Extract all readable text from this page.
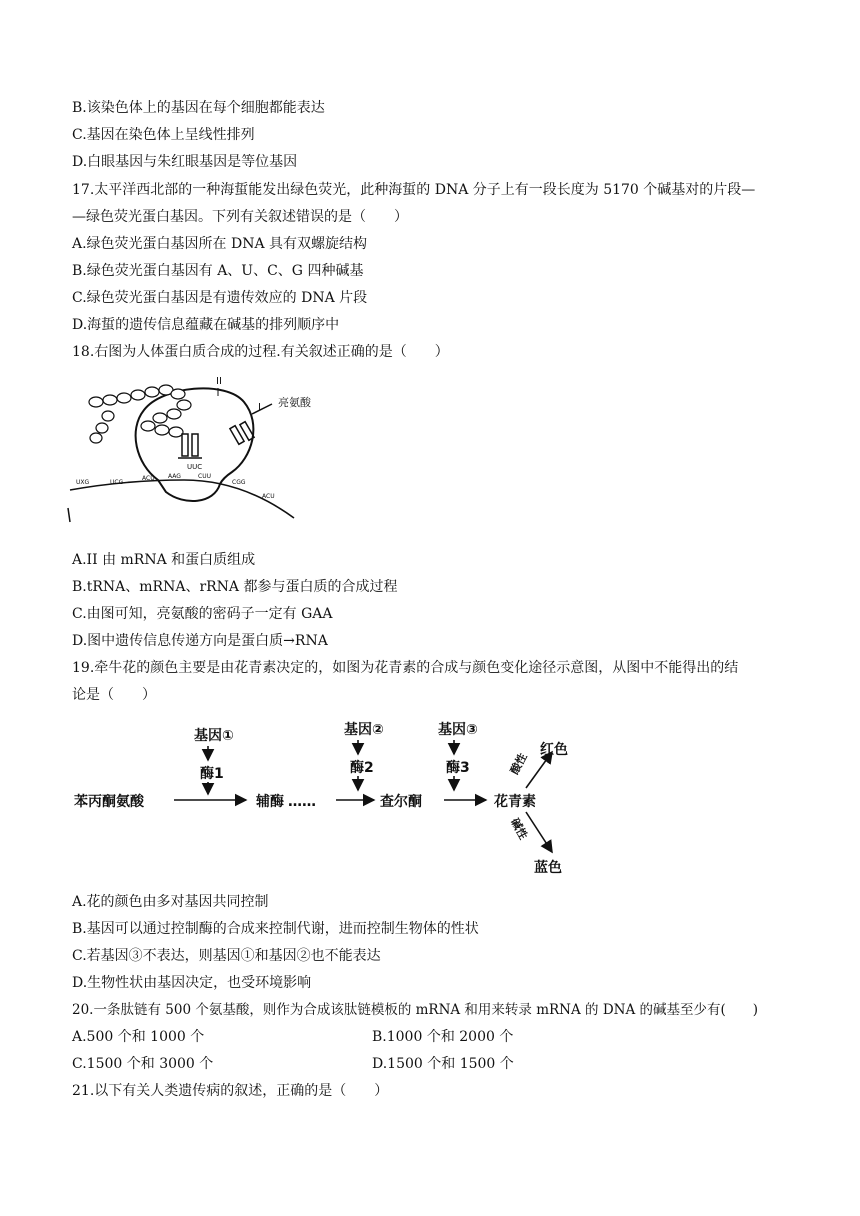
B.该染色体上的基因在每个细胞都能表达
C.基因在染色体上呈线性排列
D.白眼基因与朱红眼基因是等位基因
17.太平洋西北部的一种海蜇能发出绿色荧光，此种海蜇的 DNA 分子上有一段长度为 5170 个碱基对的片段—
—绿色荧光蛋白基因。下列有关叙述错误的是（　　）
A.绿色荧光蛋白基因所在 DNA 具有双螺旋结构
B.绿色荧光蛋白基因有 A、U、C、G 四种碱基
C.绿色荧光蛋白基因是有遗传效应的 DNA 片段
D.海蜇的遗传信息蕴藏在碱基的排列顺序中
18.右图为人体蛋白质合成的过程.有关叙述正确的是（　　）
UUC
II
I 亮氨酸
UXG	UCG
ACU AAG	CUU
CGG
ACU
A.II 由 mRNA 和蛋白质组成
B.tRNA、mRNA、rRNA 都参与蛋白质的合成过程
C.由图可知，亮氨酸的密码子一定有 GAA
D.图中遗传信息传递方向是蛋白质→RNA
19.牵牛花的颜色主要是由花青素决定的，如图为花青素的合成与颜色变化途径示意图，从图中不能得出的结
论是（　　）
基因①	基因②	基因③
酶1	酶2	酶3
苯丙酮氨酸	辅酶 ……	查尔酮	花青素
红色
蓝色
酸性
碱性
A.花的颜色由多对基因共同控制
B.基因可以通过控制酶的合成来控制代谢，进而控制生物体的性状
C.若基因③不表达，则基因①和基因②也不能表达
D.生物性状由基因决定，也受环境影响
20.一条肽链有 500 个氨基酸，则作为合成该肽链模板的 mRNA 和用来转录 mRNA 的 DNA 的碱基至少有(　　)
A.500 个和 1000 个	B.1000 个和 2000 个
C.1500 个和 3000 个	D.1500 个和 1500 个
21.以下有关人类遗传病的叙述，正确的是（　　）
